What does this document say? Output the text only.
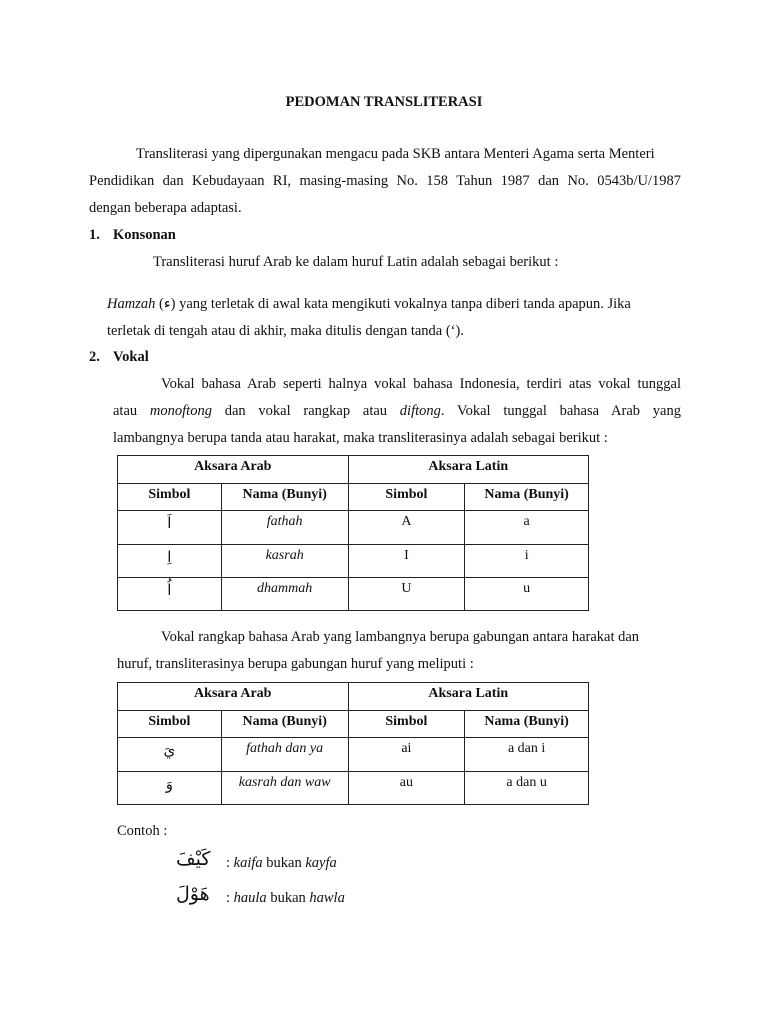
PEDOMAN TRANSLITERASI
Transliterasi yang dipergunakan mengacu pada SKB antara Menteri Agama serta Menteri
Pendidikan dan Kebudayaan RI, masing-masing No. 158 Tahun 1987 dan No. 0543b/U/1987
dengan beberapa adaptasi.
1. Konsonan
Transliterasi huruf Arab ke dalam huruf Latin adalah sebagai berikut :
Hamzah (ء) yang terletak di awal kata mengikuti vokalnya tanpa diberi tanda apapun. Jika
terletak di tengah atau di akhir, maka ditulis dengan tanda (‘).
2. Vokal
Vokal bahasa Arab seperti halnya vokal bahasa Indonesia, terdiri atas vokal tunggal
atau monoftong dan vokal rangkap atau diftong. Vokal tunggal bahasa Arab yang
lambangnya berupa tanda atau harakat, maka transliterasinya adalah sebagai berikut :
Aksara Arab		Aksara Latin	
Simbol	Nama (Bunyi)	Simbol	Nama (Bunyi)
اَ	fathah	A	a
اِ	kasrah	I	i
اُ	dhammah	U	u
Vokal rangkap bahasa Arab yang lambangnya berupa gabungan antara harakat dan
huruf, transliterasinya berupa gabungan huruf yang meliputi :
Aksara Arab		Aksara Latin	
Simbol	Nama (Bunyi)	Simbol	Nama (Bunyi)
يَ	fathah dan ya	ai	a dan i
وَ	kasrah dan waw	au	a dan u
Contoh :
كَيْفَ : kaifa bukan kayfa
هَوْلَ : haula bukan hawla
